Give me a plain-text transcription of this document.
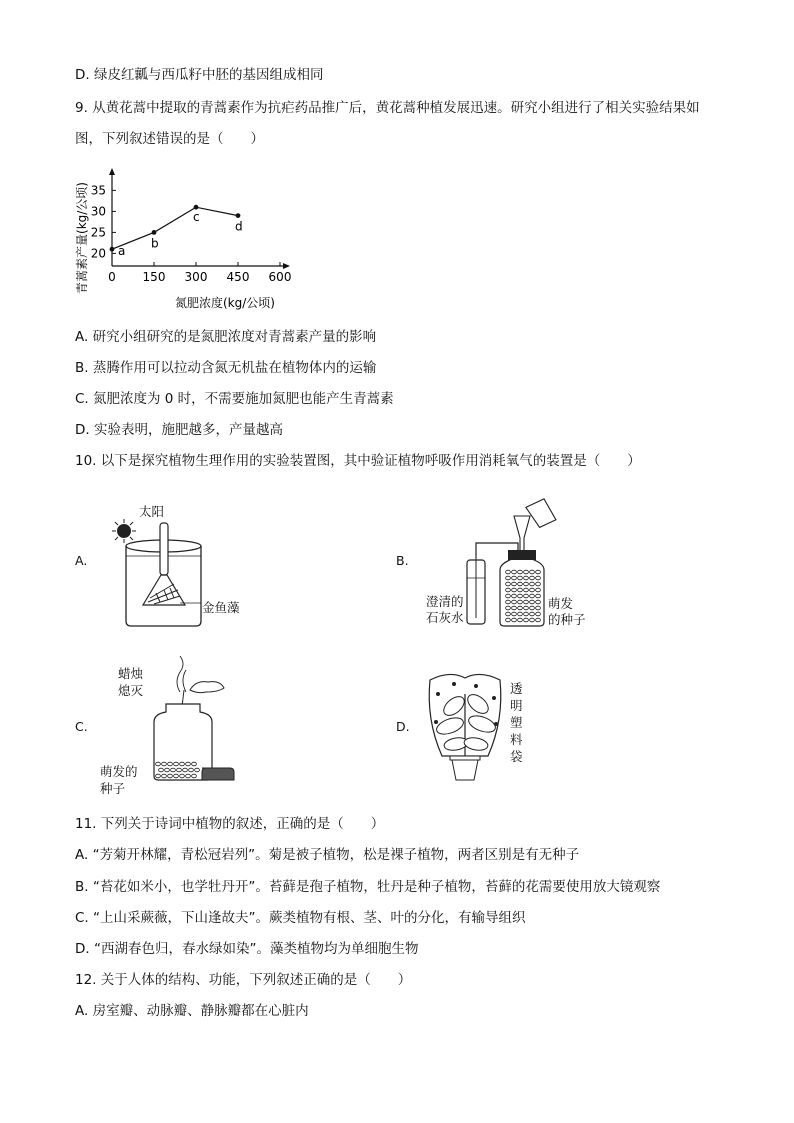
D. 绿皮红瓤与西瓜籽中胚的基因组成相同
9. 从黄花蒿中提取的青蒿素作为抗疟药品推广后，黄花蒿种植发展迅速。研究小组进行了相关实验结果如
图，下列叙述错误的是（　　）
0 150 300 450 600
20
25
30
35
a
b
c
d
氮肥浓度(kg/公顷)
青蒿素产量(kg/公顷)
A. 研究小组研究的是氮肥浓度对青蒿素产量的影响
B. 蒸腾作用可以拉动含氮无机盐在植物体内的运输
C. 氮肥浓度为 0 时，不需要施加氮肥也能产生青蒿素
D. 实验表明，施肥越多，产量越高
10. 以下是探究植物生理作用的实验装置图，其中验证植物呼吸作用消耗氧气的装置是（　　）
A.
太阳
金鱼藻
B.
澄清的
石灰水
萌发
的种子
C.
蜡烛
熄灭
萌发的
种子
D.
透
明
塑
料
袋
11. 下列关于诗词中植物的叙述，正确的是（　　）
A. “芳菊开林耀，青松冠岩列”。菊是被子植物，松是裸子植物，两者区别是有无种子
B. “苔花如米小，也学牡丹开”。苔藓是孢子植物，牡丹是种子植物，苔藓的花需要使用放大镜观察
C. “上山采蕨薇，下山逢故夫”。蕨类植物有根、茎、叶的分化，有输导组织
D. “西湖春色归，春水绿如染”。藻类植物均为单细胞生物
12. 关于人体的结构、功能，下列叙述正确的是（　　）
A. 房室瓣、动脉瓣、静脉瓣都在心脏内
